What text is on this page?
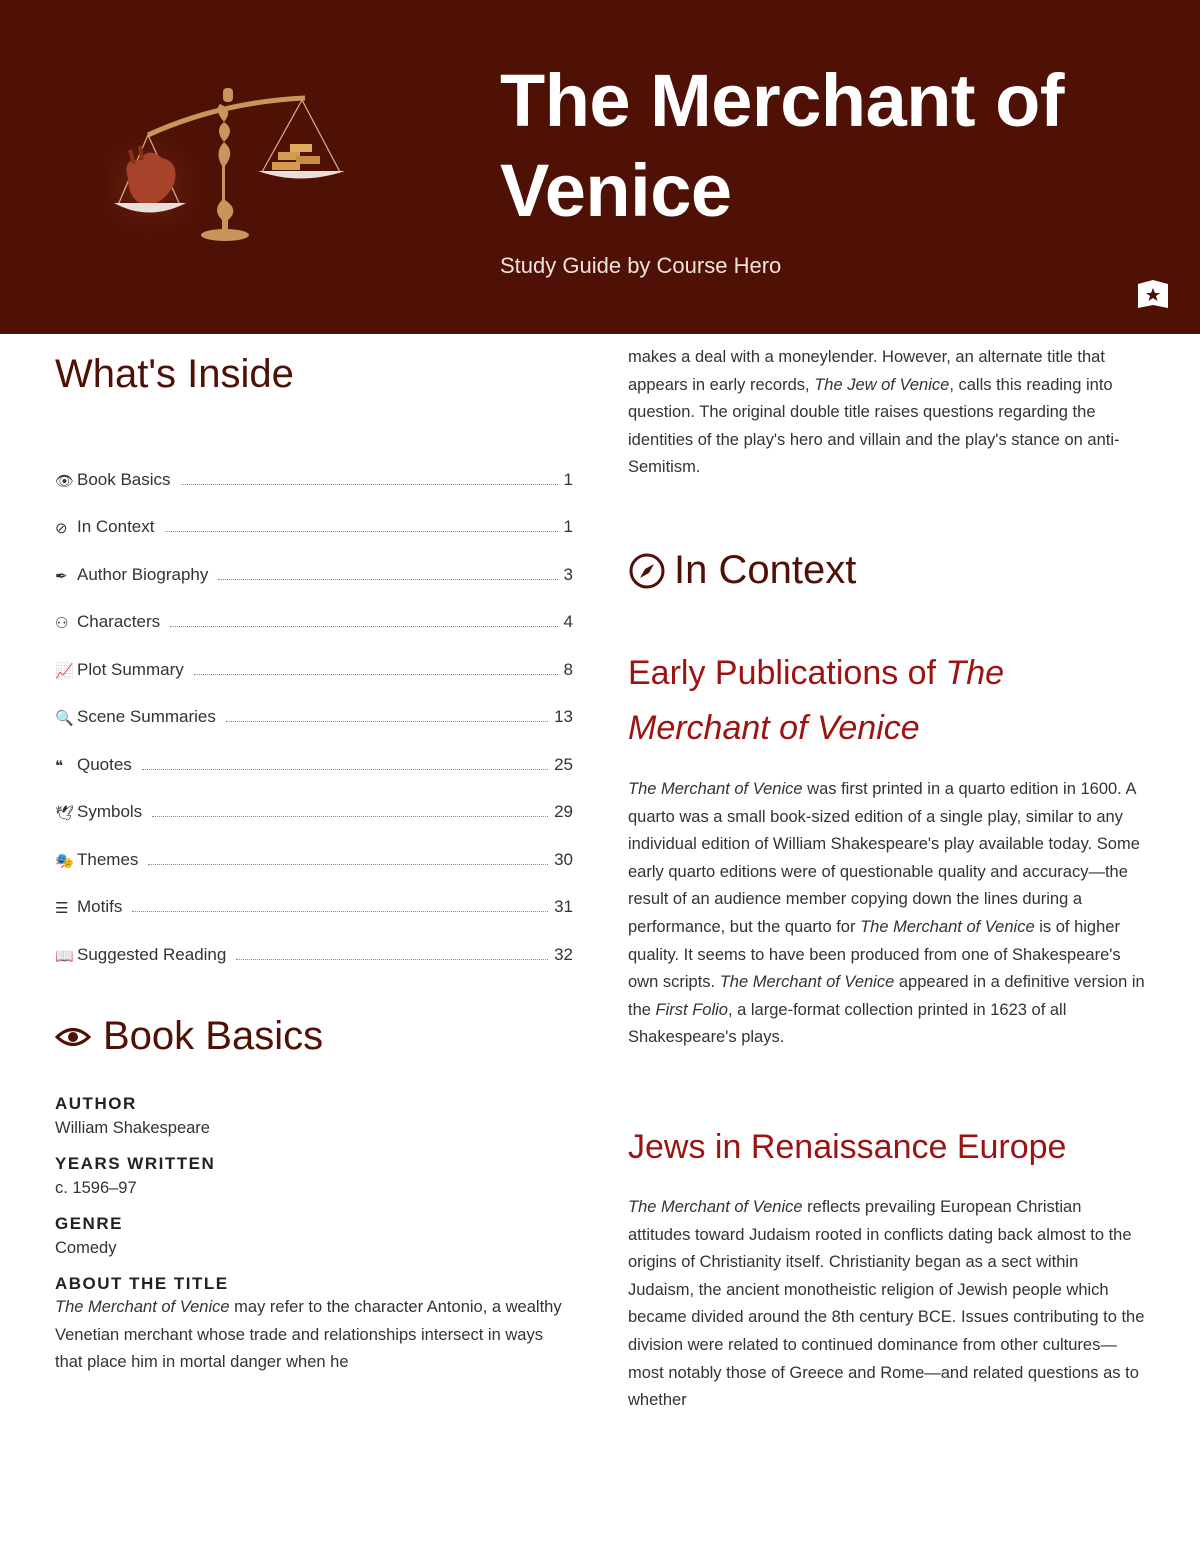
The Merchant of Venice
Study Guide by Course Hero
What's Inside
👁 Book Basics	1
⊘ In Context	1
✒ Author Biography	3
⚇ Characters	4
📈 Plot Summary	8
🔍 Scene Summaries	13
❝ Quotes	25
🕊 Symbols	29
🎭 Themes	30
☰ Motifs	31
📖 Suggested Reading	32
Book Basics
AUTHOR
William Shakespeare
YEARS WRITTEN
c. 1596–97
GENRE
Comedy
ABOUT THE TITLE
The Merchant of Venice may refer to the character Antonio, a wealthy Venetian merchant whose trade and relationships intersect in ways that place him in mortal danger when he
makes a deal with a moneylender. However, an alternate title that appears in early records, The Jew of Venice, calls this reading into question. The original double title raises questions regarding the identities of the play's hero and villain and the play's stance on anti-Semitism.
In Context
Early Publications of The Merchant of Venice
The Merchant of Venice was first printed in a quarto edition in 1600. A quarto was a small book-sized edition of a single play, similar to any individual edition of William Shakespeare's play available today. Some early quarto editions were of questionable quality and accuracy—the result of an audience member copying down the lines during a performance, but the quarto for The Merchant of Venice is of higher quality. It seems to have been produced from one of Shakespeare's own scripts. The Merchant of Venice appeared in a definitive version in the First Folio, a large-format collection printed in 1623 of all Shakespeare's plays.
Jews in Renaissance Europe
The Merchant of Venice reflects prevailing European Christian attitudes toward Judaism rooted in conflicts dating back almost to the origins of Christianity itself. Christianity began as a sect within Judaism, the ancient monotheistic religion of Jewish people which became divided around the 8th century BCE. Issues contributing to the division were related to continued dominance from other cultures—most notably those of Greece and Rome—and related questions as to whether
